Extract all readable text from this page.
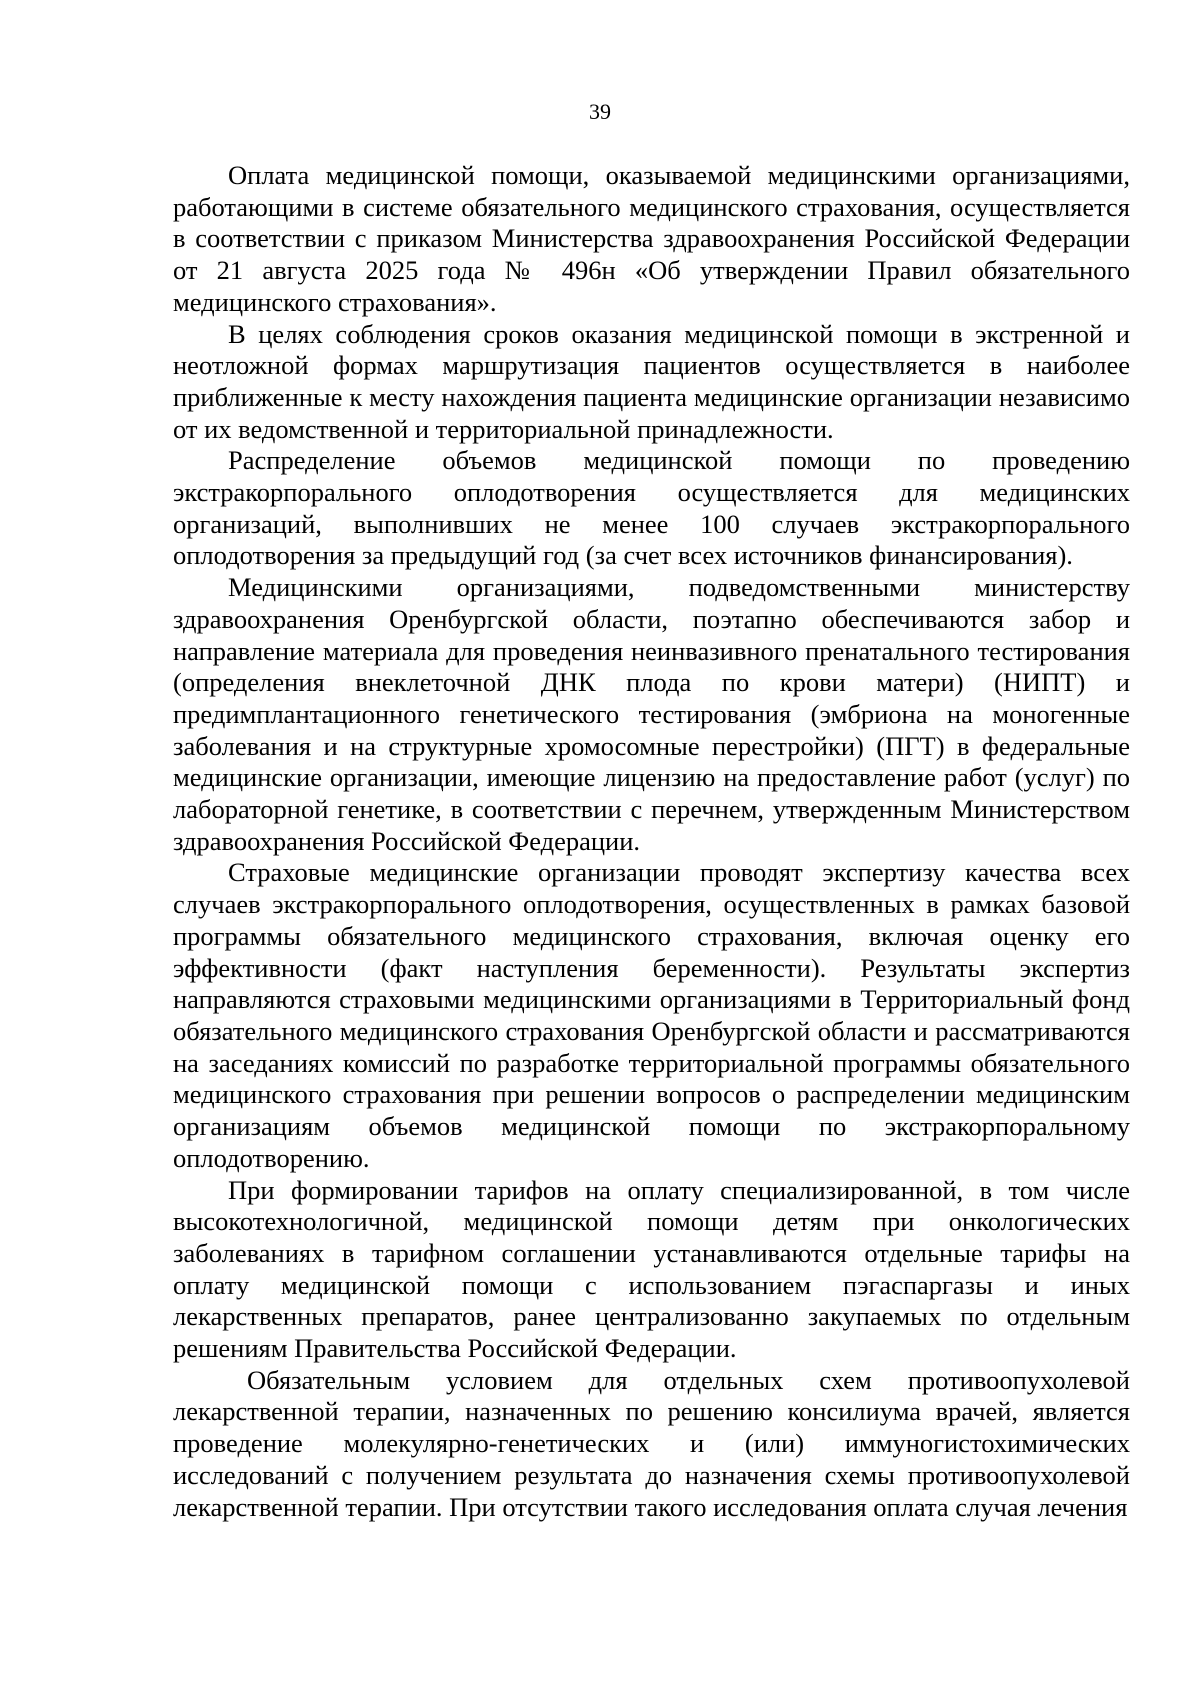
39

Оплата медицинской помощи, оказываемой медицинскими организациями, работающими в системе обязательного медицинского страхования, осуществляется в соответствии с приказом Министерства здравоохранения Российской Федерации от 21 августа 2025 года № 496н «Об утверждении Правил обязательного медицинского страхования».

В целях соблюдения сроков оказания медицинской помощи в экстренной и неотложной формах маршрутизация пациентов осуществляется в наиболее приближенные к месту нахождения пациента медицинские организации независимо от их ведомственной и территориальной принадлежности.

Распределение объемов медицинской помощи по проведению экстракорпорального оплодотворения осуществляется для медицинских организаций, выполнивших не менее 100 случаев экстракорпорального оплодотворения за предыдущий год (за счет всех источников финансирования).

Медицинскими организациями, подведомственными министерству здравоохранения Оренбургской области, поэтапно обеспечиваются забор и направление материала для проведения неинвазивного пренатального тестирования (определения внеклеточной ДНК плода по крови матери) (НИПТ) и предимплантационного генетического тестирования (эмбриона на моногенные заболевания и на структурные хромосомные перестройки) (ПГТ) в федеральные медицинские организации, имеющие лицензию на предоставление работ (услуг) по лабораторной генетике, в соответствии с перечнем, утвержденным Министерством здравоохранения Российской Федерации.

Страховые медицинские организации проводят экспертизу качества всех случаев экстракорпорального оплодотворения, осуществленных в рамках базовой программы обязательного медицинского страхования, включая оценку его эффективности (факт наступления беременности). Результаты экспертиз направляются страховыми медицинскими организациями в Территориальный фонд обязательного медицинского страхования Оренбургской области и рассматриваются на заседаниях комиссий по разработке территориальной программы обязательного медицинского страхования при решении вопросов о распределении медицинским организациям объемов медицинской помощи по экстракорпоральному оплодотворению.

При формировании тарифов на оплату специализированной, в том числе высокотехнологичной, медицинской помощи детям при онкологических заболеваниях в тарифном соглашении устанавливаются отдельные тарифы на оплату медицинской помощи с использованием пэгаспаргазы и иных лекарственных препаратов, ранее централизованно закупаемых по отдельным решениям Правительства Российской Федерации.

Обязательным условием для отдельных схем противоопухолевой лекарственной терапии, назначенных по решению консилиума врачей, является проведение молекулярно-генетических и (или) иммуногистохимических исследований с получением результата до назначения схемы противоопухолевой лекарственной терапии. При отсутствии такого исследования оплата случая лечения
